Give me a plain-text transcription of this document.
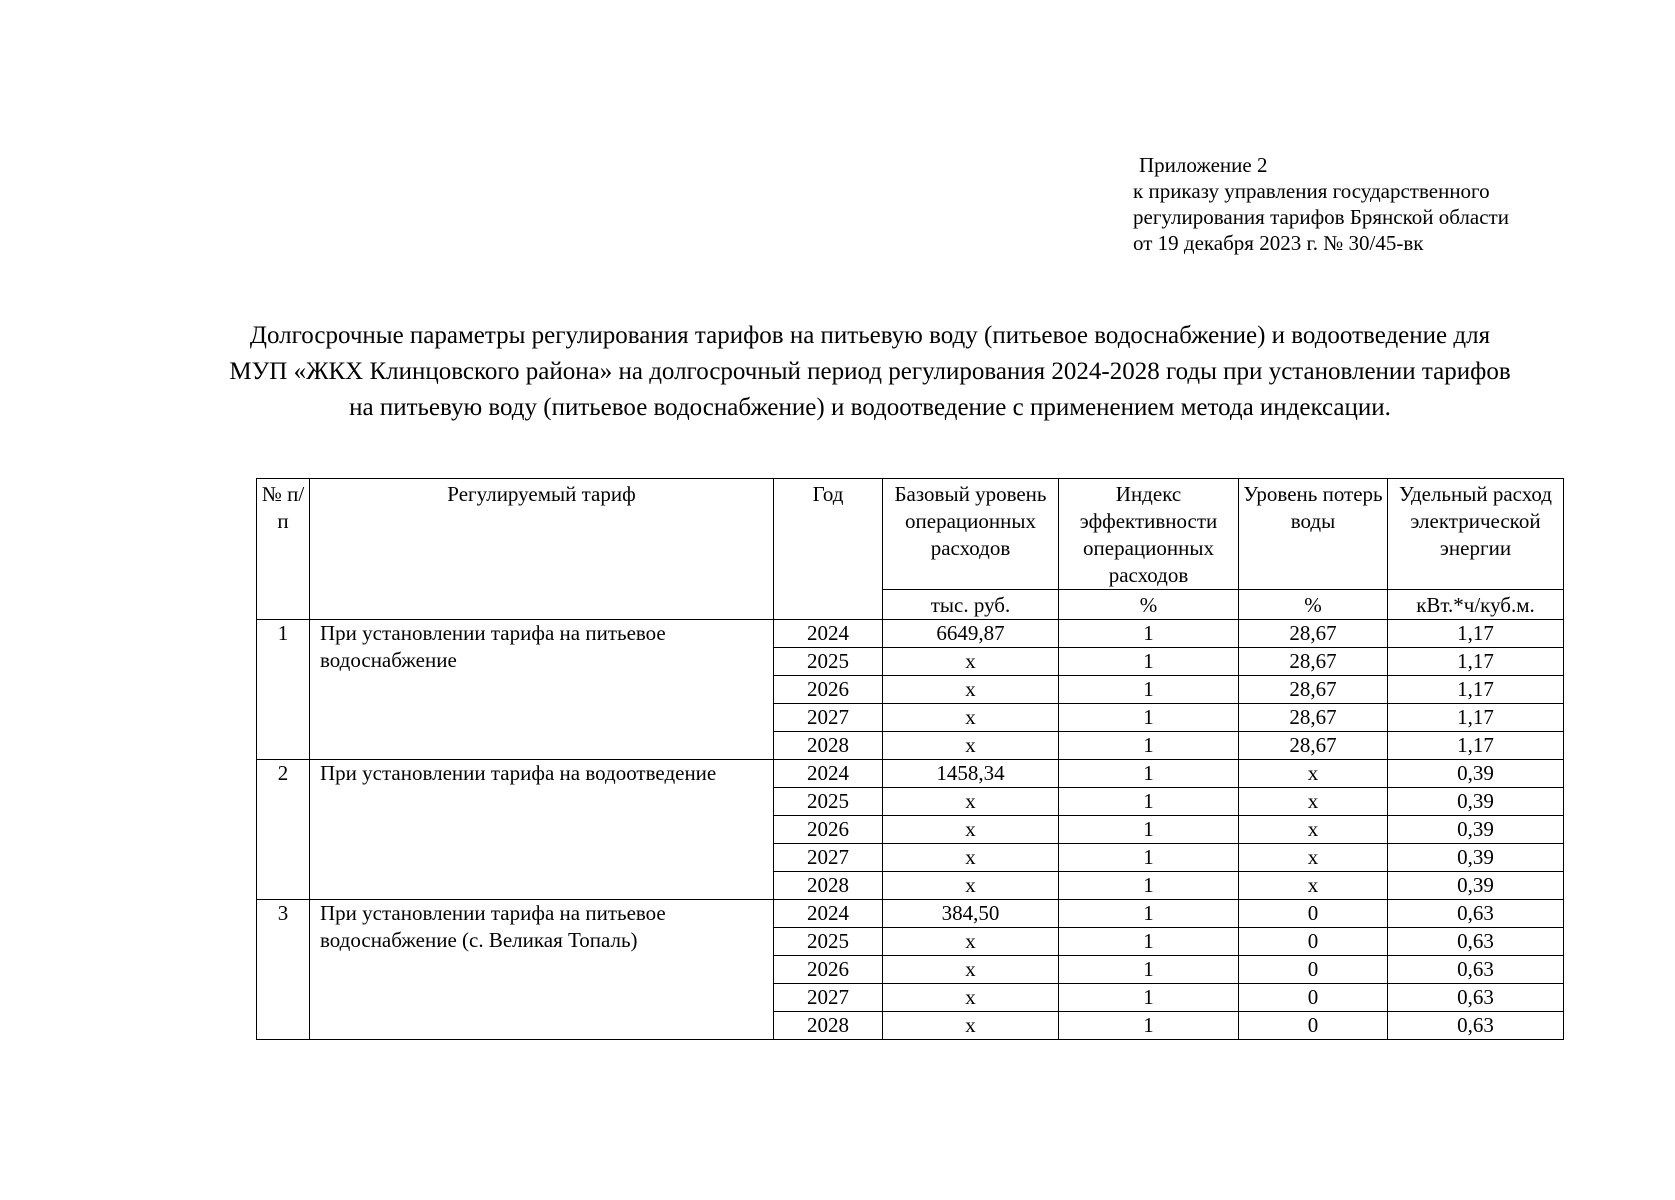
Приложение 2
к приказу управления государственного
регулирования тарифов Брянской области
от 19 декабря 2023 г. № 30/45-вк
Долгосрочные параметры регулирования тарифов на питьевую воду (питьевое водоснабжение) и водоотведение для
МУП «ЖКХ Клинцовского района» на долгосрочный период регулирования 2024-2028 годы при установлении тарифов
на питьевую воду (питьевое водоснабжение) и водоотведение с применением метода индексации.
№ п/п	Регулируемый тариф	Год	Базовый уровень операционных расходов	Индекс эффективности операционных расходов	Уровень потерь воды	Удельный расход электрической энергии
			тыс. руб.	%	%	кВт.*ч/куб.м.
1	При установлении тарифа на питьевое водоснабжение	2024	6649,87	1	28,67	1,17
		2025	х	1	28,67	1,17
		2026	х	1	28,67	1,17
		2027	х	1	28,67	1,17
		2028	х	1	28,67	1,17
2	При установлении тарифа на водоотведение	2024	1458,34	1	х	0,39
		2025	х	1	х	0,39
		2026	х	1	х	0,39
		2027	х	1	х	0,39
		2028	х	1	х	0,39
3	При установлении тарифа на питьевое водоснабжение (с. Великая Топаль)	2024	384,50	1	0	0,63
		2025	х	1	0	0,63
		2026	х	1	0	0,63
		2027	х	1	0	0,63
		2028	х	1	0	0,63
